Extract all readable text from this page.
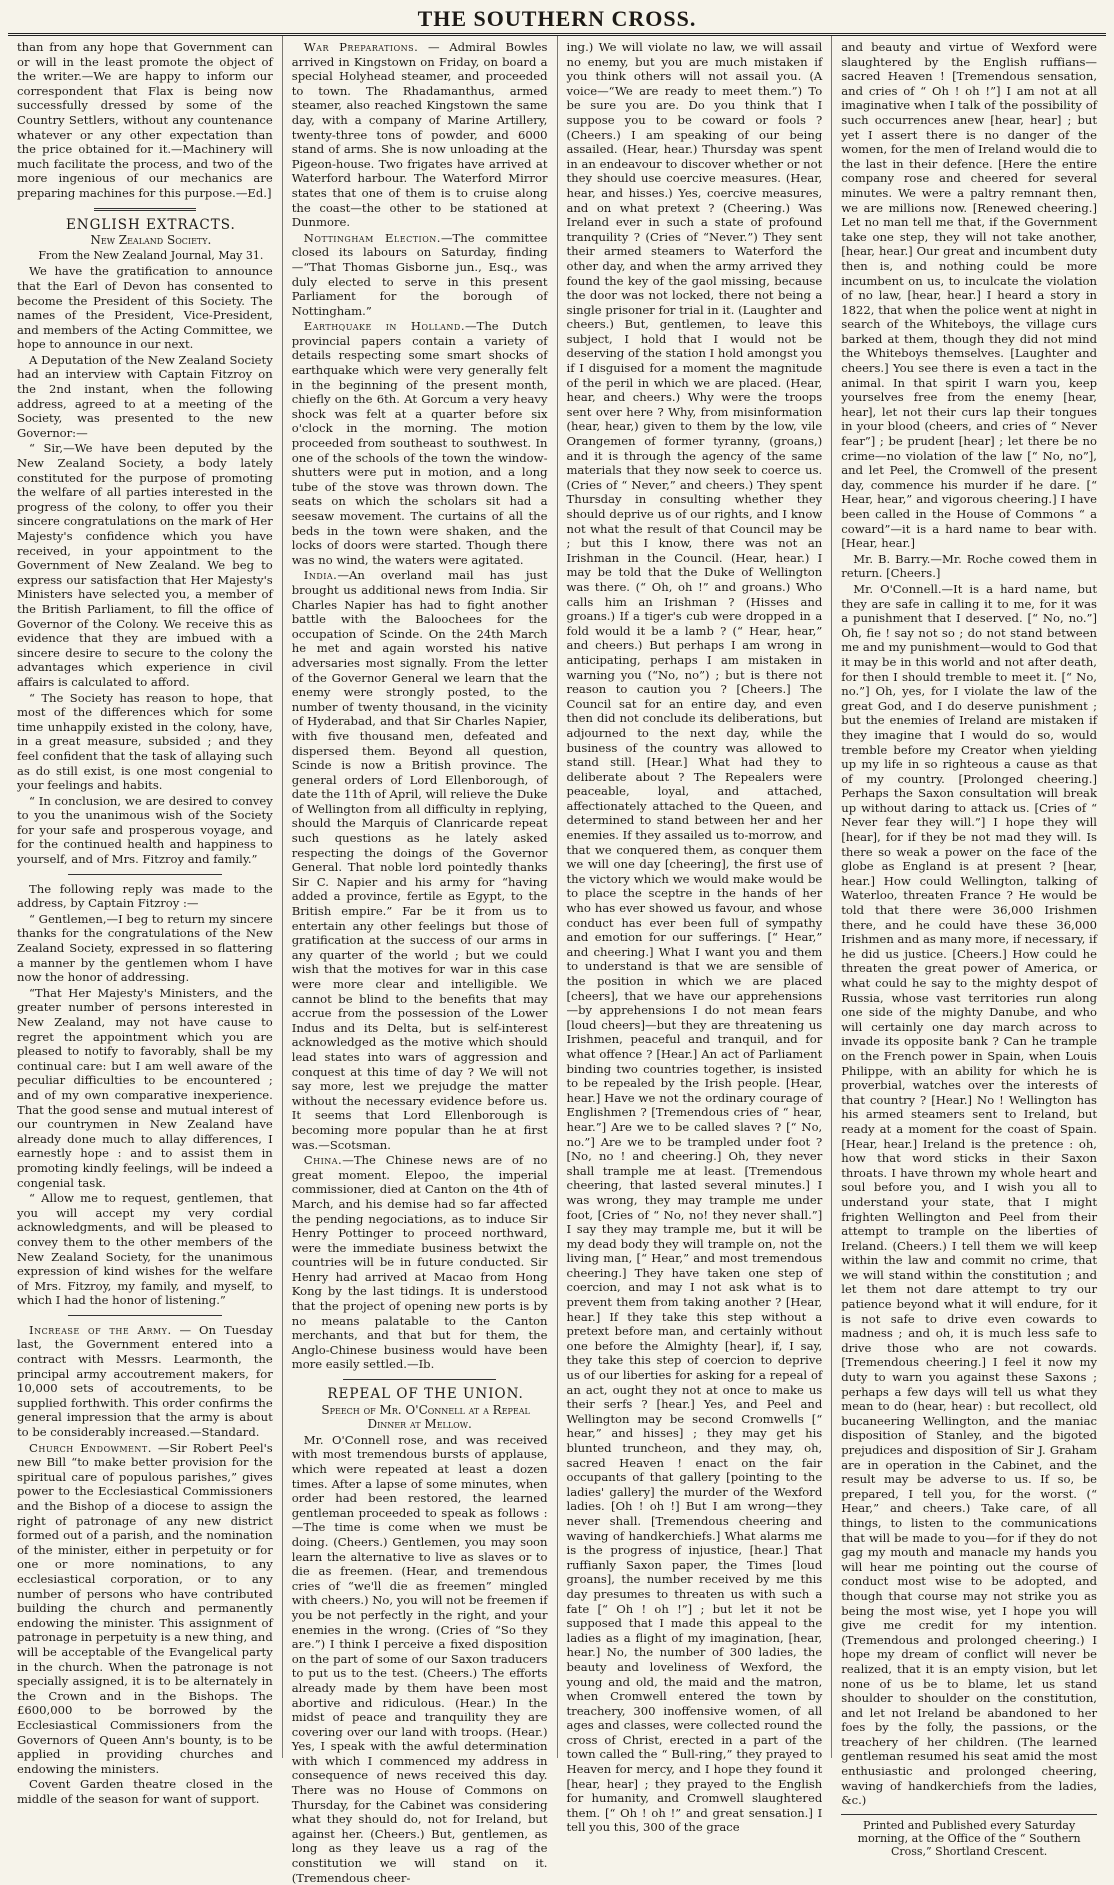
THE SOUTHERN CROSS.

than from any hope that Government can or will in the least promote the object of the writer.—We are happy to inform our correspondent that Flax is being now successfully dressed by some of the Country Settlers, without any countenance whatever or any other expectation than the price obtained for it.—Machinery will much facilitate the process, and two of the more ingenious of our mechanics are preparing machines for this purpose.—Ed.]

ENGLISH EXTRACTS.

New Zealand Society.

From the New Zealand Journal, May 31.

We have the gratification to announce that the Earl of Devon has consented to become the President of this Society. The names of the President, Vice-President, and members of the Acting Committee, we hope to announce in our next.

A Deputation of the New Zealand Society had an interview with Captain Fitzroy on the 2nd instant, when the following address, agreed to at a meeting of the Society, was presented to the new Governor:—

“ Sir,—We have been deputed by the New Zealand Society, a body lately constituted for the purpose of promoting the welfare of all parties interested in the progress of the colony, to offer you their sincere congratulations on the mark of Her Majesty's confidence which you have received, in your appointment to the Government of New Zealand. We beg to express our satisfaction that Her Majesty's Ministers have selected you, a member of the British Parliament, to fill the office of Governor of the Colony. We receive this as evidence that they are imbued with a sincere desire to secure to the colony the advantages which experience in civil affairs is calculated to afford.

“ The Society has reason to hope, that most of the differences which for some time unhappily existed in the colony, have, in a great measure, subsided ; and they feel confident that the task of allaying such as do still exist, is one most congenial to your feelings and habits.

“ In conclusion, we are desired to convey to you the unanimous wish of the Society for your safe and prosperous voyage, and for the continued health and happiness to yourself, and of Mrs. Fitzroy and family.”

The following reply was made to the address, by Captain Fitzroy :—

“ Gentlemen,—I beg to return my sincere thanks for the congratulations of the New Zealand Society, expressed in so flattering a manner by the gentlemen whom I have now the honor of addressing.

“That Her Majesty's Ministers, and the greater number of persons interested in New Zealand, may not have cause to regret the appointment which you are pleased to notify to favorably, shall be my continual care: but I am well aware of the peculiar difficulties to be encountered ; and of my own comparative inexperience. That the good sense and mutual interest of our countrymen in New Zealand have already done much to allay differences, I earnestly hope : and to assist them in promoting kindly feelings, will be indeed a congenial task.

“ Allow me to request, gentlemen, that you will accept my very cordial acknowledgments, and will be pleased to convey them to the other members of the New Zealand Society, for the unanimous expression of kind wishes for the welfare of Mrs. Fitzroy, my family, and myself, to which I had the honor of listening.”

Increase of the Army. — On Tuesday last, the Government entered into a contract with Messrs. Learmonth, the principal army accoutrement makers, for 10,000 sets of accoutrements, to be supplied forthwith. This order confirms the general impression that the army is about to be considerably increased.—Standard.

Church Endowment. —Sir Robert Peel's new Bill “to make better provision for the spiritual care of populous parishes,” gives power to the Ecclesiastical Commissioners and the Bishop of a diocese to assign the right of patronage of any new district formed out of a parish, and the nomination of the minister, either in perpetuity or for one or more nominations, to any ecclesiastical corporation, or to any number of persons who have contributed building the church and permanently endowing the minister. This assignment of patronage in perpetuity is a new thing, and will be acceptable of the Evangelical party in the church. When the patronage is not specially assigned, it is to be alternately in the Crown and in the Bishops. The £600,000 to be borrowed by the Ecclesiastical Commissioners from the Governors of Queen Ann's bounty, is to be applied in providing churches and endowing the ministers.

Covent Garden theatre closed in the middle of the season for want of support.

War Preparations. — Admiral Bowles arrived in Kingstown on Friday, on board a special Holyhead steamer, and proceeded to town. The Rhadamanthus, armed steamer, also reached Kingstown the same day, with a company of Marine Artillery, twenty-three tons of powder, and 6000 stand of arms. She is now unloading at the Pigeon-house. Two frigates have arrived at Waterford harbour. The Waterford Mirror states that one of them is to cruise along the coast—the other to be stationed at Dunmore.

Nottingham Election.—The committee closed its labours on Saturday, finding—“That Thomas Gisborne jun., Esq., was duly elected to serve in this present Parliament for the borough of Nottingham.”

Earthquake in Holland.—The Dutch provincial papers contain a variety of details respecting some smart shocks of earthquake which were very generally felt in the beginning of the present month, chiefly on the 6th. At Gorcum a very heavy shock was felt at a quarter before six o'clock in the morning. The motion proceeded from southeast to southwest. In one of the schools of the town the window-shutters were put in motion, and a long tube of the stove was thrown down. The seats on which the scholars sit had a seesaw movement. The curtains of all the beds in the town were shaken, and the locks of doors were started. Though there was no wind, the waters were agitated.

India.—An overland mail has just brought us additional news from India. Sir Charles Napier has had to fight another battle with the Baloochees for the occupation of Scinde. On the 24th March he met and again worsted his native adversaries most signally. From the letter of the Governor General we learn that the enemy were strongly posted, to the number of twenty thousand, in the vicinity of Hyderabad, and that Sir Charles Napier, with five thousand men, defeated and dispersed them. Beyond all question, Scinde is now a British province. The general orders of Lord Ellenborough, of date the 11th of April, will relieve the Duke of Wellington from all difficulty in replying, should the Marquis of Clanricarde repeat such questions as he lately asked respecting the doings of the Governor General. That noble lord pointedly thanks Sir C. Napier and his army for “having added a province, fertile as Egypt, to the British empire.” Far be it from us to entertain any other feelings but those of gratification at the success of our arms in any quarter of the world ; but we could wish that the motives for war in this case were more clear and intelligible. We cannot be blind to the benefits that may accrue from the possession of the Lower Indus and its Delta, but is self-interest acknowledged as the motive which should lead states into wars of aggression and conquest at this time of day ? We will not say more, lest we prejudge the matter without the necessary evidence before us. It seems that Lord Ellenborough is becoming more popular than he at first was.—Scotsman.

China.—The Chinese news are of no great moment. Elepoo, the imperial commissioner, died at Canton on the 4th of March, and his demise had so far affected the pending negociations, as to induce Sir Henry Pottinger to proceed northward, were the immediate business betwixt the countries will be in future conducted. Sir Henry had arrived at Macao from Hong Kong by the last tidings. It is understood that the project of opening new ports is by no means palatable to the Canton merchants, and that but for them, the Anglo-Chinese business would have been more easily settled.—Ib.

REPEAL OF THE UNION.

Speech of Mr. O'Connell at a Repeal Dinner at Mellow.

Mr. O'Connell rose, and was received with most tremendous bursts of applause, which were repeated at least a dozen times. After a lapse of some minutes, when order had been restored, the learned gentleman proceeded to speak as follows :—The time is come when we must be doing. (Cheers.) Gentlemen, you may soon learn the alternative to live as slaves or to die as freemen. (Hear, and tremendous cries of “we'll die as freemen” mingled with cheers.) No, you will not be freemen if you be not perfectly in the right, and your enemies in the wrong. (Cries of “So they are.”) I think I perceive a fixed disposition on the part of some of our Saxon traducers to put us to the test. (Cheers.) The efforts already made by them have been most abortive and ridiculous. (Hear.) In the midst of peace and tranquility they are covering over our land with troops. (Hear.) Yes, I speak with the awful determination with which I commenced my address in consequence of news received this day. There was no House of Commons on Thursday, for the Cabinet was considering what they should do, not for Ireland, but against her. (Cheers.) But, gentlemen, as long as they leave us a rag of the constitution we will stand on it. (Tremendous cheer-

ing.) We will violate no law, we will assail no enemy, but you are much mistaken if you think others will not assail you. (A voice—“We are ready to meet them.”) To be sure you are. Do you think that I suppose you to be coward or fools ? (Cheers.) I am speaking of our being assailed. (Hear, hear.) Thursday was spent in an endeavour to discover whether or not they should use coercive measures. (Hear, hear, and hisses.) Yes, coercive measures, and on what pretext ? (Cheering.) Was Ireland ever in such a state of profound tranquility ? (Cries of “Never.”) They sent their armed steamers to Waterford the other day, and when the army arrived they found the key of the gaol missing, because the door was not locked, there not being a single prisoner for trial in it. (Laughter and cheers.) But, gentlemen, to leave this subject, I hold that I would not be deserving of the station I hold amongst you if I disguised for a moment the magnitude of the peril in which we are placed. (Hear, hear, and cheers.) Why were the troops sent over here ? Why, from misinformation (hear, hear,) given to them by the low, vile Orangemen of former tyranny, (groans,) and it is through the agency of the same materials that they now seek to coerce us. (Cries of “ Never,” and cheers.) They spent Thursday in consulting whether they should deprive us of our rights, and I know not what the result of that Council may be ; but this I know, there was not an Irishman in the Council. (Hear, hear.) I may be told that the Duke of Wellington was there. (“ Oh, oh !” and groans.) Who calls him an Irishman ? (Hisses and groans.) If a tiger's cub were dropped in a fold would it be a lamb ? (“ Hear, hear,” and cheers.) But perhaps I am wrong in anticipating, perhaps I am mistaken in warning you (“No, no”) ; but is there not reason to caution you ? [Cheers.] The Council sat for an entire day, and even then did not conclude its deliberations, but adjourned to the next day, while the business of the country was allowed to stand still. [Hear.] What had they to deliberate about ? The Repealers were peaceable, loyal, and attached, affectionately attached to the Queen, and determined to stand between her and her enemies. If they assailed us to-morrow, and that we conquered them, as conquer them we will one day [cheering], the first use of the victory which we would make would be to place the sceptre in the hands of her who has ever showed us favour, and whose conduct has ever been full of sympathy and emotion for our sufferings. [“ Hear,” and cheering.] What I want you and them to understand is that we are sensible of the position in which we are placed [cheers], that we have our apprehensions—by apprehensions I do not mean fears [loud cheers]—but they are threatening us Irishmen, peaceful and tranquil, and for what offence ? [Hear.] An act of Parliament binding two countries together, is insisted to be repealed by the Irish people. [Hear, hear.] Have we not the ordinary courage of Englishmen ? [Tremendous cries of “ hear, hear.”] Are we to be called slaves ? [“ No, no.”] Are we to be trampled under foot ? [No, no ! and cheering.] Oh, they never shall trample me at least. [Tremendous cheering, that lasted several minutes.] I was wrong, they may trample me under foot, [Cries of “ No, no! they never shall.”] I say they may trample me, but it will be my dead body they will trample on, not the living man, [“ Hear,” and most tremendous cheering.] They have taken one step of coercion, and may I not ask what is to prevent them from taking another ? [Hear, hear.] If they take this step without a pretext before man, and certainly without one before the Almighty [hear], if, I say, they take this step of coercion to deprive us of our liberties for asking for a repeal of an act, ought they not at once to make us their serfs ? [hear.] Yes, and Peel and Wellington may be second Cromwells [“ hear,” and hisses] ; they may get his blunted truncheon, and they may, oh, sacred Heaven ! enact on the fair occupants of that gallery [pointing to the ladies' gallery] the murder of the Wexford ladies. [Oh ! oh !] But I am wrong—they never shall. [Tremendous cheering and waving of handkerchiefs.] What alarms me is the progress of injustice, [hear.] That ruffianly Saxon paper, the Times [loud groans], the number received by me this day presumes to threaten us with such a fate [“ Oh ! oh !”] ; but let it not be supposed that I made this appeal to the ladies as a flight of my imagination, [hear, hear.] No, the number of 300 ladies, the beauty and loveliness of Wexford, the young and old, the maid and the matron, when Cromwell entered the town by treachery, 300 inoffensive women, of all ages and classes, were collected round the cross of Christ, erected in a part of the town called the “ Bull-ring,” they prayed to Heaven for mercy, and I hope they found it [hear, hear] ; they prayed to the English for humanity, and Cromwell slaughtered them. [“ Oh ! oh !” and great sensation.] I tell you this, 300 of the grace

and beauty and virtue of Wexford were slaughtered by the English ruffians—sacred Heaven ! [Tremendous sensation, and cries of “ Oh ! oh !”] I am not at all imaginative when I talk of the possibility of such occurrences anew [hear, hear] ; but yet I assert there is no danger of the women, for the men of Ireland would die to the last in their defence. [Here the entire company rose and cheered for several minutes. We were a paltry remnant then, we are millions now. [Renewed cheering.] Let no man tell me that, if the Government take one step, they will not take another, [hear, hear.] Our great and incumbent duty then is, and nothing could be more incumbent on us, to inculcate the violation of no law, [hear, hear.] I heard a story in 1822, that when the police went at night in search of the Whiteboys, the village curs barked at them, though they did not mind the Whiteboys themselves. [Laughter and cheers.] You see there is even a tact in the animal. In that spirit I warn you, keep yourselves free from the enemy [hear, hear], let not their curs lap their tongues in your blood (cheers, and cries of “ Never fear”] ; be prudent [hear] ; let there be no crime—no violation of the law [“ No, no”], and let Peel, the Cromwell of the present day, commence his murder if he dare. [“ Hear, hear,” and vigorous cheering.] I have been called in the House of Commons “ a coward”—it is a hard name to bear with. [Hear, hear.]

Mr. B. Barry.—Mr. Roche cowed them in return. [Cheers.]

Mr. O'Connell.—It is a hard name, but they are safe in calling it to me, for it was a punishment that I deserved. [“ No, no.”] Oh, fie ! say not so ; do not stand between me and my punishment—would to God that it may be in this world and not after death, for then I should tremble to meet it. [“ No, no.”] Oh, yes, for I violate the law of the great God, and I do deserve punishment ; but the enemies of Ireland are mistaken if they imagine that I would do so, would tremble before my Creator when yielding up my life in so righteous a cause as that of my country. [Prolonged cheering.] Perhaps the Saxon consultation will break up without daring to attack us. [Cries of “ Never fear they will.”] I hope they will [hear], for if they be not mad they will. Is there so weak a power on the face of the globe as England is at present ? [hear, hear.] How could Wellington, talking of Waterloo, threaten France ? He would be told that there were 36,000 Irishmen there, and he could have these 36,000 Irishmen and as many more, if necessary, if he did us justice. [Cheers.] How could he threaten the great power of America, or what could he say to the mighty despot of Russia, whose vast territories run along one side of the mighty Danube, and who will certainly one day march across to invade its opposite bank ? Can he trample on the French power in Spain, when Louis Philippe, with an ability for which he is proverbial, watches over the interests of that country ? [Hear.] No ! Wellington has his armed steamers sent to Ireland, but ready at a moment for the coast of Spain. [Hear, hear.] Ireland is the pretence : oh, how that word sticks in their Saxon throats. I have thrown my whole heart and soul before you, and I wish you all to understand your state, that I might frighten Wellington and Peel from their attempt to trample on the liberties of Ireland. (Cheers.) I tell them we will keep within the law and commit no crime, that we will stand within the constitution ; and let them not dare attempt to try our patience beyond what it will endure, for it is not safe to drive even cowards to madness ; and oh, it is much less safe to drive those who are not cowards. [Tremendous cheering.] I feel it now my duty to warn you against these Saxons ; perhaps a few days will tell us what they mean to do (hear, hear) : but recollect, old bucaneering Wellington, and the maniac disposition of Stanley, and the bigoted prejudices and disposition of Sir J. Graham are in operation in the Cabinet, and the result may be adverse to us. If so, be prepared, I tell you, for the worst. (“ Hear,” and cheers.) Take care, of all things, to listen to the communications that will be made to you—for if they do not gag my mouth and manacle my hands you will hear me pointing out the course of conduct most wise to be adopted, and though that course may not strike you as being the most wise, yet I hope you will give me credit for my intention. (Tremendous and prolonged cheering.) I hope my dream of conflict will never be realized, that it is an empty vision, but let none of us be to blame, let us stand shoulder to shoulder on the constitution, and let not Ireland be abandoned to her foes by the folly, the passions, or the treachery of her children. (The learned gentleman resumed his seat amid the most enthusiastic and prolonged cheering, waving of handkerchiefs from the ladies, &c.)

Printed and Published every Saturday morning, at the Office of the “ Southern Cross,” Shortland Crescent.
